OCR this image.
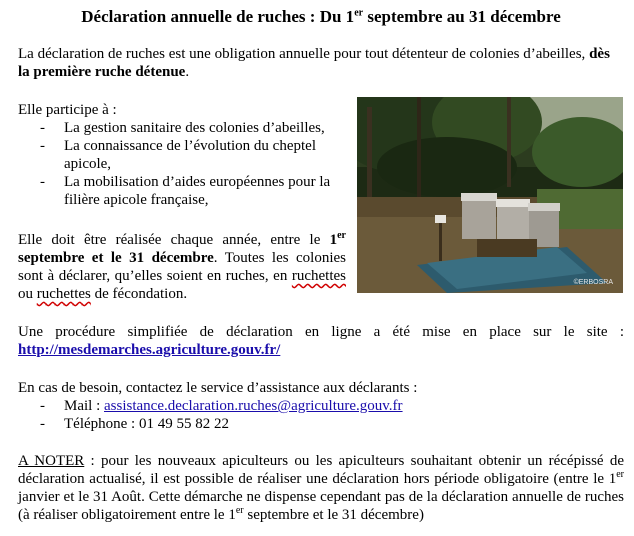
Déclaration annuelle de ruches : Du 1er septembre au 31 décembre
La déclaration de ruches est une obligation annuelle pour tout détenteur de colonies d’abeilles, dès la première ruche détenue.
Elle participe à :
- La gestion sanitaire des colonies d’abeilles,
- La connaissance de l’évolution du cheptel apicole,
- La mobilisation d’aides européennes pour la filière apicole française,
Elle doit être réalisée chaque année, entre le 1er septembre et le 31 décembre. Toutes les colonies sont à déclarer, qu’elles soient en ruches, en ruchettes ou ruchettes de fécondation.
Une procédure simplifiée de déclaration en ligne a été mise en place sur le site :
http://mesdemarches.agriculture.gouv.fr/
En cas de besoin, contactez le service d’assistance aux déclarants :
- Mail : assistance.declaration.ruches@agriculture.gouv.fr
- Téléphone : 01 49 55 82 22
A NOTER : pour les nouveaux apiculteurs ou les apiculteurs souhaitant obtenir un récépissé de déclaration actualisé, il est possible de réaliser une déclaration hors période obligatoire (entre le 1er janvier et le 31 Août. Cette démarche ne dispense cependant pas de la déclaration annuelle de ruches (à réaliser obligatoirement entre le 1er septembre et le 31 décembre)
©ERBOSRA
